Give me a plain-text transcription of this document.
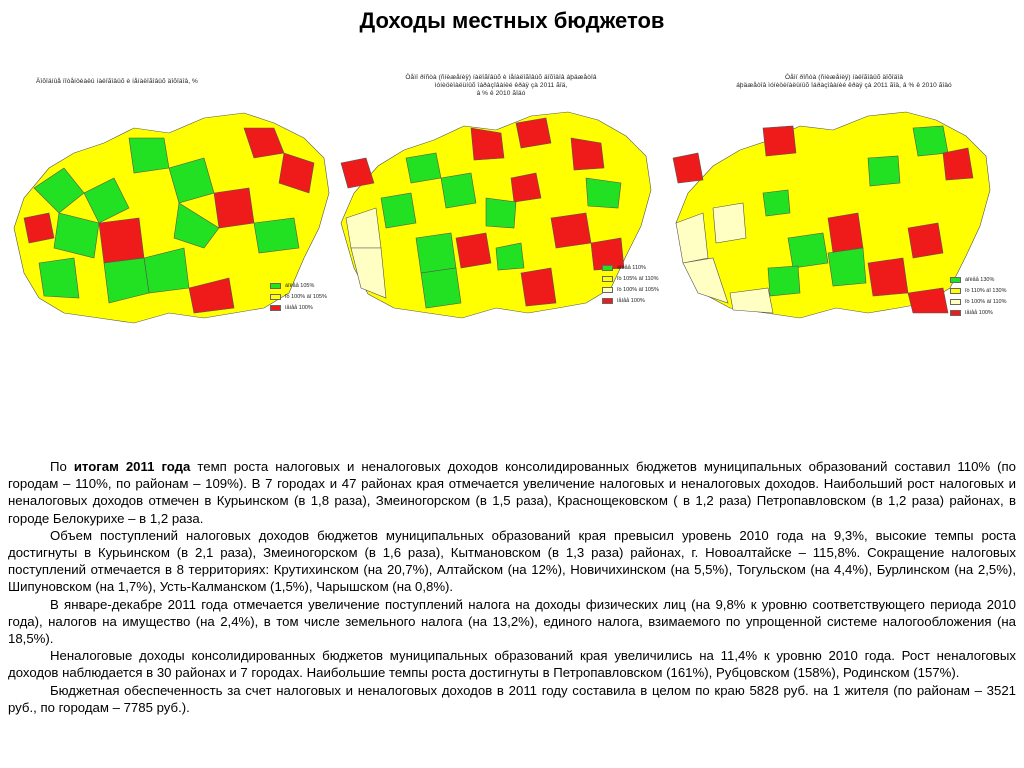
Доходы местных бюджетов
Äîõîäíûå ïîòåíöèàëû íàëîãîâûõ è íåíàëîãîâûõ äîõîäîâ, %
áîëåå 105%
îò 100% äî 105%
ìåíåå 100%
Òåìï ðîñòà (ñíèæåíèÿ) íàëîãîâûõ è íåíàëîãîâûõ äîõîäîâ áþäæåòîâ
ìóíèöèïàëüíûõ îáðàçîâàíèé êðàÿ çà 2011 ãîä,
â % ê 2010 ãîäó
áîëåå 110%
îò 105% äî 110%
îò 100% äî 105%
ìåíåå 100%
Òåìï ðîñòà (ñíèæåíèÿ) íàëîãîâûõ äîõîäîâ
áþäæåòîâ ìóíèöèïàëüíûõ îáðàçîâàíèé êðàÿ çà 2011 ãîä, â % ê 2010 ãîäó
áîëåå 130%
îò 110% äî 130%
îò 100% äî 110%
ìåíåå 100%

По итогам 2011 года темп роста налоговых и неналоговых доходов консолидированных бюджетов муниципальных образований составил 110% (по городам – 110%, по районам – 109%). В 7 городах и 47 районах края отмечается увеличение налоговых и неналоговых доходов. Наибольший рост налоговых и неналоговых доходов отмечен в Курьинском (в 1,8 раза), Змеиногорском (в 1,5 раза), Краснощековском ( в 1,2 раза) Петропавловском (в 1,2 раза) районах, в городе Белокурихе – в 1,2 раза.

Объем поступлений налоговых доходов бюджетов муниципальных образований края превысил уровень 2010 года на 9,3%, высокие темпы роста достигнуты в Курьинском (в 2,1 раза), Змеиногорском (в 1,6 раза), Кытмановском (в 1,3 раза) районах, г. Новоалтайске – 115,8%. Сокращение налоговых поступлений отмечается в 8 территориях: Крутихинском (на 20,7%), Алтайском (на 12%), Новичихинском (на 5,5%), Тогульском (на 4,4%), Бурлинском (на 2,5%), Шипуновском (на 1,7%), Усть-Калманском (1,5%), Чарышском (на 0,8%).

В январе-декабре 2011 года отмечается увеличение поступлений налога на доходы физических лиц (на 9,8% к уровню соответствующего периода 2010 года), налогов на имущество (на 2,4%), в том числе земельного налога (на 13,2%), единого налога, взимаемого по упрощенной системе налогообложения (на 18,5%).

Неналоговые доходы консолидированных бюджетов муниципальных образований края увеличились на 11,4% к уровню 2010 года. Рост неналоговых доходов наблюдается в 30 районах и 7 городах. Наибольшие темпы роста достигнуты в Петропавловском (161%), Рубцовском (158%), Родинском (157%).

Бюджетная обеспеченность за счет налоговых и неналоговых доходов в 2011 году составила в целом по краю 5828 руб. на 1 жителя (по районам – 3521 руб., по городам – 7785 руб.).
